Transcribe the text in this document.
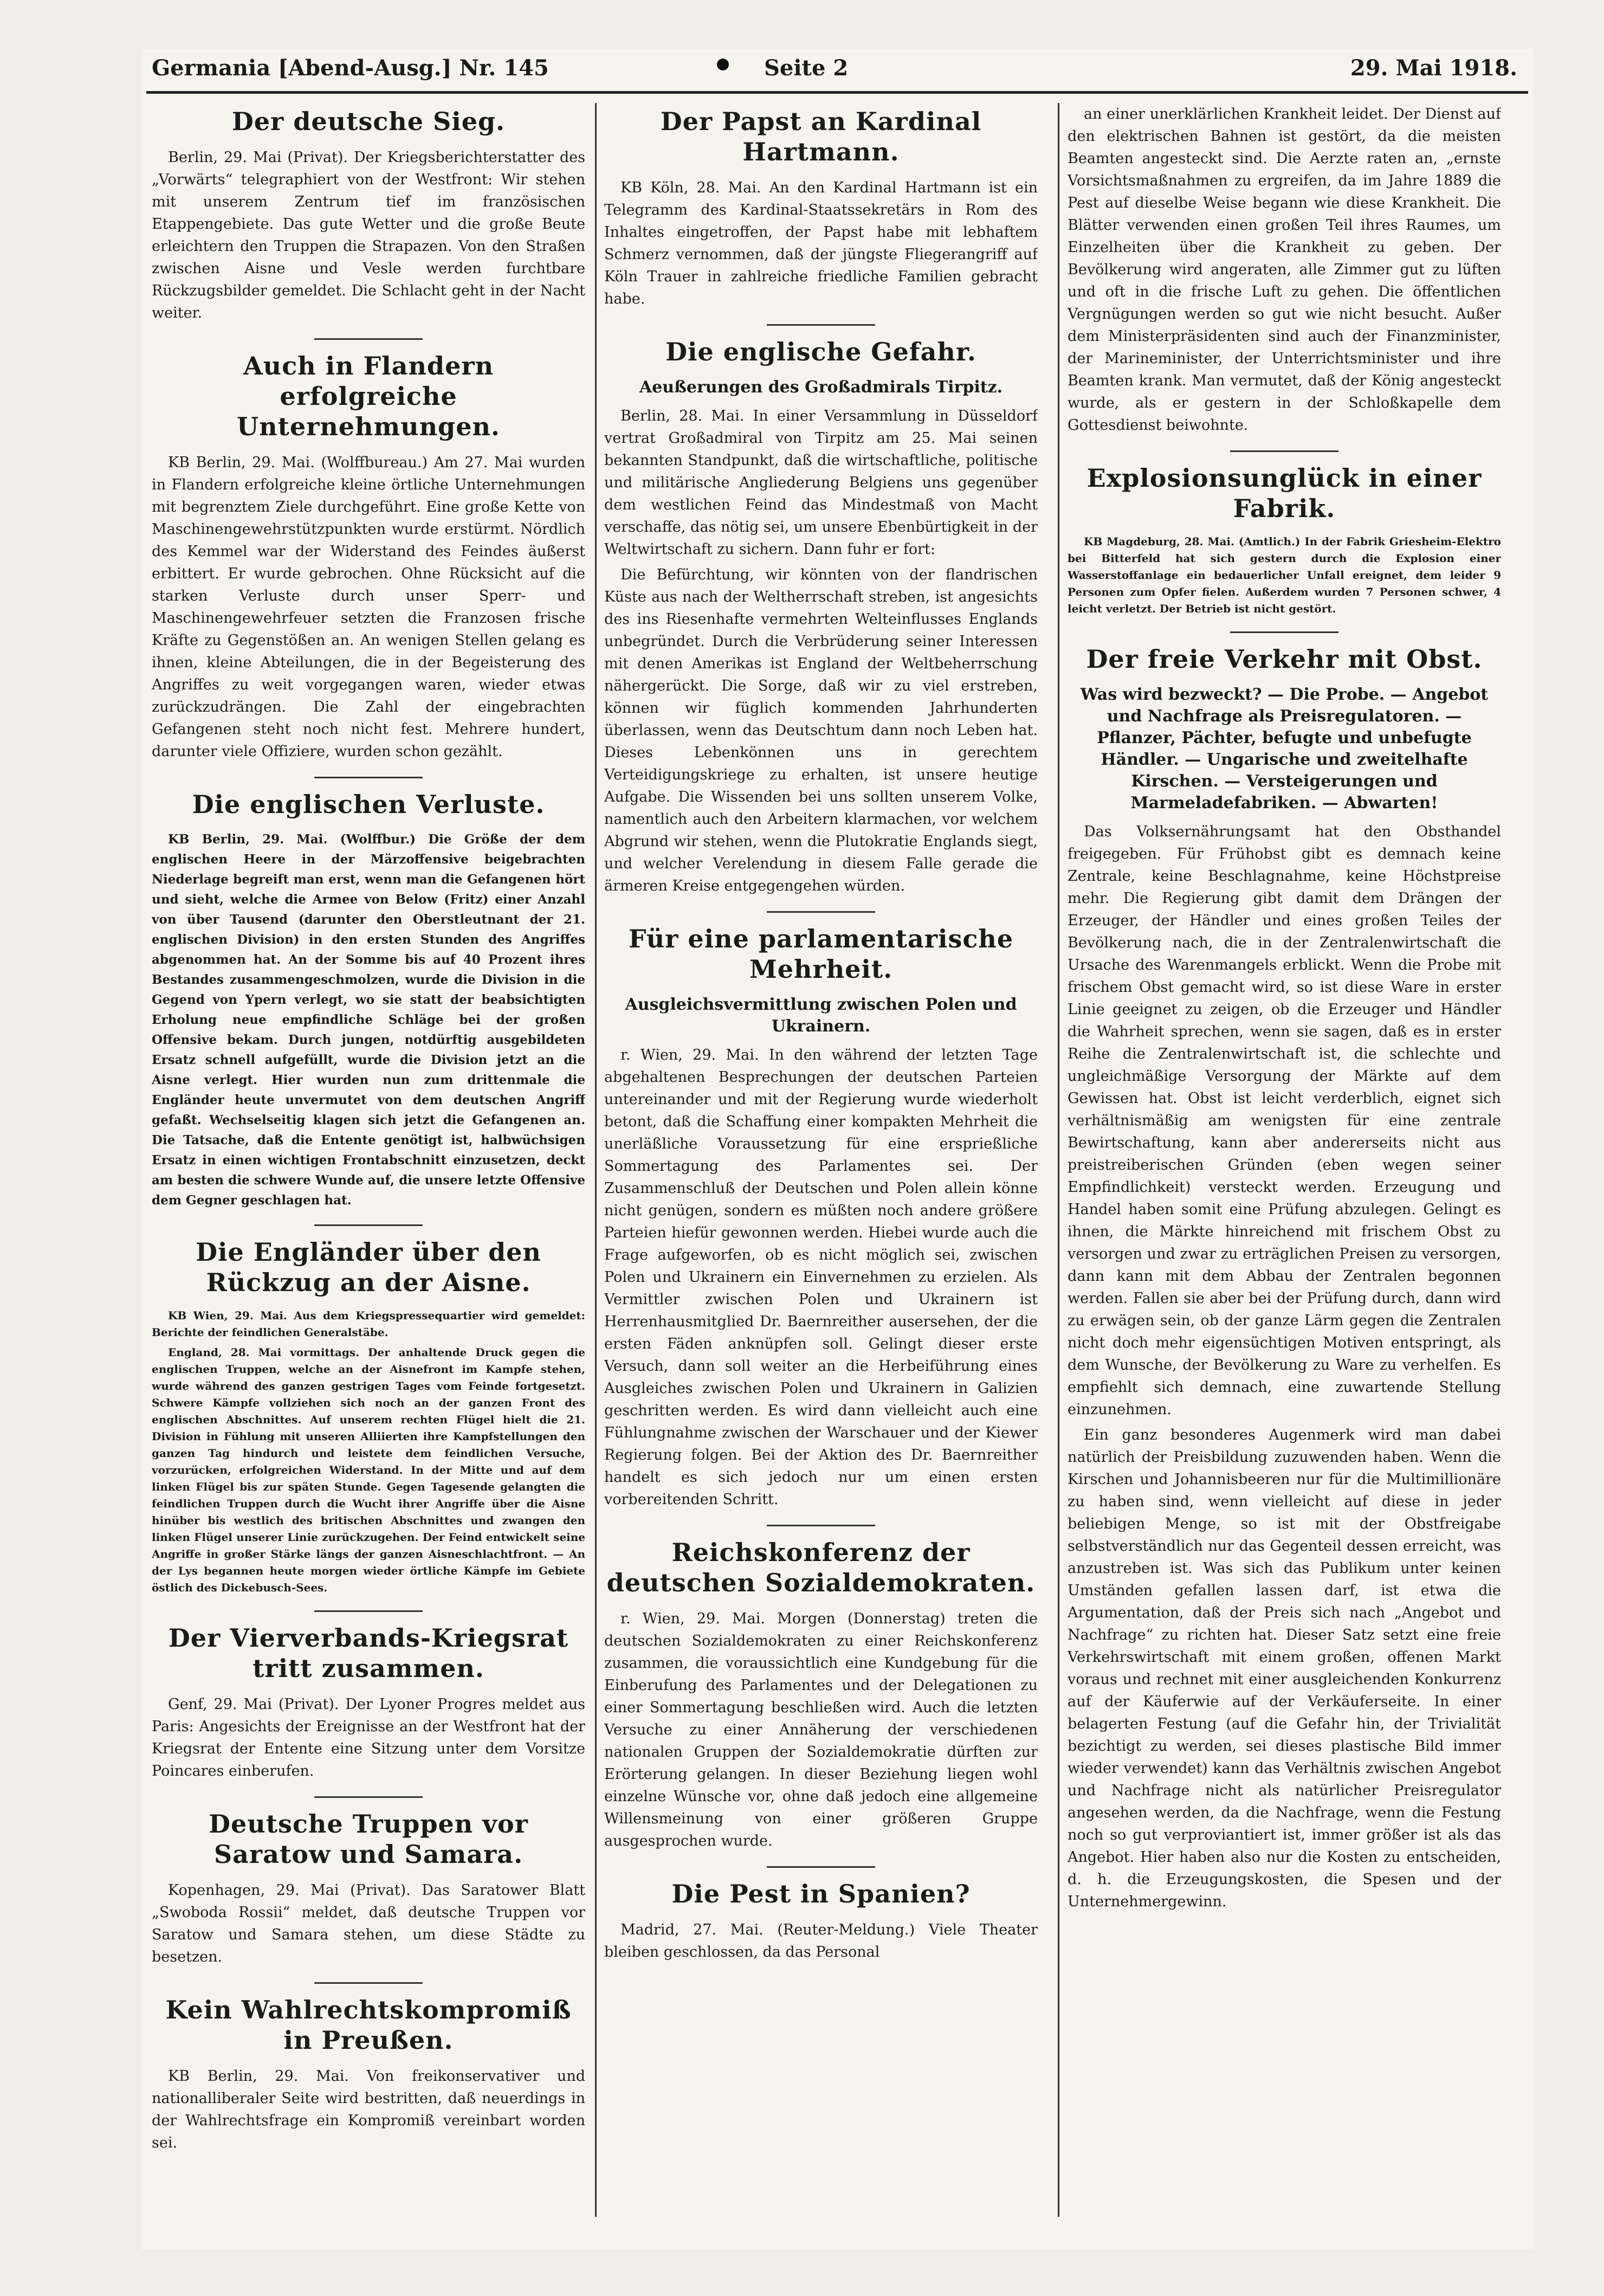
Germania [Abend-Ausg.] Nr. 145	Seite 2	29. Mai 1918.
Der deutsche Sieg.

Berlin, 29. Mai (Privat). Der Kriegsberichterstatter des „Vorwärts“ telegraphiert von der Westfront: Wir stehen mit unserem Zentrum tief im französischen Etappengebiete. Das gute Wetter und die große Beute erleichtern den Truppen die Strapazen. Von den Straßen zwischen Aisne und Vesle werden furchtbare Rückzugsbilder gemeldet. Die Schlacht geht in der Nacht weiter.

Auch in Flandern erfolgreiche Unternehmungen.

KB Berlin, 29. Mai. (Wolffbureau.) Am 27. Mai wurden in Flandern erfolgreiche kleine örtliche Unternehmungen mit begrenztem Ziele durchgeführt. Eine große Kette von Maschinengewehrstützpunkten wurde erstürmt. Nördlich des Kemmel war der Widerstand des Feindes äußerst erbittert. Er wurde gebrochen. Ohne Rücksicht auf die starken Verluste durch unser Sperr- und Maschinengewehrfeuer setzten die Franzosen frische Kräfte zu Gegenstößen an. An wenigen Stellen gelang es ihnen, kleine Abteilungen, die in der Begeisterung des Angriffes zu weit vorgegangen waren, wieder etwas zurückzudrängen. Die Zahl der eingebrachten Gefangenen steht noch nicht fest. Mehrere hundert, darunter viele Offiziere, wurden schon gezählt.

Die englischen Verluste.

KB Berlin, 29. Mai. (Wolffbur.) Die Größe der dem englischen Heere in der Märzoffensive beigebrachten Niederlage begreift man erst, wenn man die Gefangenen hört und sieht, welche die Armee von Below (Fritz) einer Anzahl von über Tausend (darunter den Oberstleutnant der 21. englischen Division) in den ersten Stunden des Angriffes abgenommen hat. An der Somme bis auf 40 Prozent ihres Bestandes zusammengeschmolzen, wurde die Division in die Gegend von Ypern verlegt, wo sie statt der beabsichtigten Erholung neue empfindliche Schläge bei der großen Offensive bekam. Durch jungen, notdürftig ausgebildeten Ersatz schnell aufgefüllt, wurde die Division jetzt an die Aisne verlegt. Hier wurden nun zum drittenmale die Engländer heute unvermutet von dem deutschen Angriff gefaßt. Wechselseitig klagen sich jetzt die Gefangenen an. Die Tatsache, daß die Entente genötigt ist, halbwüchsigen Ersatz in einen wichtigen Frontabschnitt einzusetzen, deckt am besten die schwere Wunde auf, die unsere letzte Offensive dem Gegner geschlagen hat.

Die Engländer über den Rückzug an der Aisne.

KB Wien, 29. Mai. Aus dem Kriegspressequartier wird gemeldet: Berichte der feindlichen Generalstäbe.

England, 28. Mai vormittags. Der anhaltende Druck gegen die englischen Truppen, welche an der Aisnefront im Kampfe stehen, wurde während des ganzen gestrigen Tages vom Feinde fortgesetzt. Schwere Kämpfe vollziehen sich noch an der ganzen Front des englischen Abschnittes. Auf unserem rechten Flügel hielt die 21. Division in Fühlung mit unseren Alliierten ihre Kampfstellungen den ganzen Tag hindurch und leistete dem feindlichen Versuche, vorzurücken, erfolgreichen Widerstand. In der Mitte und auf dem linken Flügel bis zur späten Stunde. Gegen Tagesende gelangten die feindlichen Truppen durch die Wucht ihrer Angriffe über die Aisne hinüber bis westlich des britischen Abschnittes und zwangen den linken Flügel unserer Linie zurückzugehen. Der Feind entwickelt seine Angriffe in großer Stärke längs der ganzen Aisneschlachtfront. — An der Lys begannen heute morgen wieder örtliche Kämpfe im Gebiete östlich des Dickebusch-Sees.

Der Vierverbands-Kriegsrat tritt zusammen.

Genf, 29. Mai (Privat). Der Lyoner Progres meldet aus Paris: Angesichts der Ereignisse an der Westfront hat der Kriegsrat der Entente eine Sitzung unter dem Vorsitze Poincares einberufen.

Deutsche Truppen vor Saratow und Samara.

Kopenhagen, 29. Mai (Privat). Das Saratower Blatt „Swoboda Rossii“ meldet, daß deutsche Truppen vor Saratow und Samara stehen, um diese Städte zu besetzen.

Kein Wahlrechtskompromiß in Preußen.

KB Berlin, 29. Mai. Von freikonservativer und nationalliberaler Seite wird bestritten, daß neuerdings in der Wahlrechtsfrage ein Kompromiß vereinbart worden sei.

Der Papst an Kardinal Hartmann.

KB Köln, 28. Mai. An den Kardinal Hartmann ist ein Telegramm des Kardinal-Staatssekretärs in Rom des Inhaltes eingetroffen, der Papst habe mit lebhaftem Schmerz vernommen, daß der jüngste Fliegerangriff auf Köln Trauer in zahlreiche friedliche Familien gebracht habe.

Die englische Gefahr.
Aeußerungen des Großadmirals Tirpitz.

Berlin, 28. Mai. In einer Versammlung in Düsseldorf vertrat Großadmiral von Tirpitz am 25. Mai seinen bekannten Standpunkt, daß die wirtschaftliche, politische und militärische Angliederung Belgiens uns gegenüber dem westlichen Feind das Mindestmaß von Macht verschaffe, das nötig sei, um unsere Ebenbürtigkeit in der Weltwirtschaft zu sichern. Dann fuhr er fort:

Die Befürchtung, wir könnten von der flandrischen Küste aus nach der Weltherrschaft streben, ist angesichts des ins Riesenhafte vermehrten Welteinflusses Englands unbegründet. Durch die Verbrüderung seiner Interessen mit denen Amerikas ist England der Weltbeherrschung nähergerückt. Die Sorge, daß wir zu viel erstreben, können wir füglich kommenden Jahrhunderten überlassen, wenn das Deutschtum dann noch Leben hat. Dieses Lebenkönnen uns in gerechtem Verteidigungskriege zu erhalten, ist unsere heutige Aufgabe. Die Wissenden bei uns sollten unserem Volke, namentlich auch den Arbeitern klarmachen, vor welchem Abgrund wir stehen, wenn die Plutokratie Englands siegt, und welcher Verelendung in diesem Falle gerade die ärmeren Kreise entgegengehen würden.

Für eine parlamentarische Mehrheit.
Ausgleichsvermittlung zwischen Polen und Ukrainern.

r. Wien, 29. Mai. In den während der letzten Tage abgehaltenen Besprechungen der deutschen Parteien untereinander und mit der Regierung wurde wiederholt betont, daß die Schaffung einer kompakten Mehrheit die unerläßliche Voraussetzung für eine ersprießliche Sommertagung des Parlamentes sei. Der Zusammenschluß der Deutschen und Polen allein könne nicht genügen, sondern es müßten noch andere größere Parteien hiefür gewonnen werden. Hiebei wurde auch die Frage aufgeworfen, ob es nicht möglich sei, zwischen Polen und Ukrainern ein Einvernehmen zu erzielen. Als Vermittler zwischen Polen und Ukrainern ist Herrenhausmitglied Dr. Baernreither ausersehen, der die ersten Fäden anknüpfen soll. Gelingt dieser erste Versuch, dann soll weiter an die Herbeiführung eines Ausgleiches zwischen Polen und Ukrainern in Galizien geschritten werden. Es wird dann vielleicht auch eine Fühlungnahme zwischen der Warschauer und der Kiewer Regierung folgen. Bei der Aktion des Dr. Baernreither handelt es sich jedoch nur um einen ersten vorbereitenden Schritt.

Reichskonferenz der deutschen Sozialdemokraten.

r. Wien, 29. Mai. Morgen (Donnerstag) treten die deutschen Sozialdemokraten zu einer Reichskonferenz zusammen, die voraussichtlich eine Kundgebung für die Einberufung des Parlamentes und der Delegationen zu einer Sommertagung beschließen wird. Auch die letzten Versuche zu einer Annäherung der verschiedenen nationalen Gruppen der Sozialdemokratie dürften zur Erörterung gelangen. In dieser Beziehung liegen wohl einzelne Wünsche vor, ohne daß jedoch eine allgemeine Willensmeinung von einer größeren Gruppe ausgesprochen wurde.

Die Pest in Spanien?

Madrid, 27. Mai. (Reuter-Meldung.) Viele Theater bleiben geschlossen, da das Personal

an einer unerklärlichen Krankheit leidet. Der Dienst auf den elektrischen Bahnen ist gestört, da die meisten Beamten angesteckt sind. Die Aerzte raten an, „ernste Vorsichtsmaßnahmen zu ergreifen, da im Jahre 1889 die Pest auf dieselbe Weise begann wie diese Krankheit. Die Blätter verwenden einen großen Teil ihres Raumes, um Einzelheiten über die Krankheit zu geben. Der Bevölkerung wird angeraten, alle Zimmer gut zu lüften und oft in die frische Luft zu gehen. Die öffentlichen Vergnügungen werden so gut wie nicht besucht. Außer dem Ministerpräsidenten sind auch der Finanzminister, der Marineminister, der Unterrichtsminister und ihre Beamten krank. Man vermutet, daß der König angesteckt wurde, als er gestern in der Schloßkapelle dem Gottesdienst beiwohnte.

Explosionsunglück in einer Fabrik.

KB Magdeburg, 28. Mai. (Amtlich.) In der Fabrik Griesheim-Elektro bei Bitterfeld hat sich gestern durch die Explosion einer Wasserstoffanlage ein bedauerlicher Unfall ereignet, dem leider 9 Personen zum Opfer fielen. Außerdem wurden 7 Personen schwer, 4 leicht verletzt. Der Betrieb ist nicht gestört.

Der freie Verkehr mit Obst.
Was wird bezweckt? — Die Probe. — Angebot und Nachfrage als Preisregulatoren. — Pflanzer, Pächter, befugte und unbefugte Händler. — Ungarische und zweitelhafte Kirschen. — Versteigerungen und Marmeladefabriken. — Abwarten!

Das Volksernährungsamt hat den Obsthandel freigegeben. Für Frühobst gibt es demnach keine Zentrale, keine Beschlagnahme, keine Höchstpreise mehr. Die Regierung gibt damit dem Drängen der Erzeuger, der Händler und eines großen Teiles der Bevölkerung nach, die in der Zentralenwirtschaft die Ursache des Warenmangels erblickt. Wenn die Probe mit frischem Obst gemacht wird, so ist diese Ware in erster Linie geeignet zu zeigen, ob die Erzeuger und Händler die Wahrheit sprechen, wenn sie sagen, daß es in erster Reihe die Zentralenwirtschaft ist, die schlechte und ungleichmäßige Versorgung der Märkte auf dem Gewissen hat. Obst ist leicht verderblich, eignet sich verhältnismäßig am wenigsten für eine zentrale Bewirtschaftung, kann aber andererseits nicht aus preistreiberischen Gründen (eben wegen seiner Empfindlichkeit) versteckt werden. Erzeugung und Handel haben somit eine Prüfung abzulegen. Gelingt es ihnen, die Märkte hinreichend mit frischem Obst zu versorgen und zwar zu erträglichen Preisen zu versorgen, dann kann mit dem Abbau der Zentralen begonnen werden. Fallen sie aber bei der Prüfung durch, dann wird zu erwägen sein, ob der ganze Lärm gegen die Zentralen nicht doch mehr eigensüchtigen Motiven entspringt, als dem Wunsche, der Bevölkerung zu Ware zu verhelfen. Es empfiehlt sich demnach, eine zuwartende Stellung einzunehmen.

Ein ganz besonderes Augenmerk wird man dabei natürlich der Preisbildung zuzuwenden haben. Wenn die Kirschen und Johannisbeeren nur für die Multimillionäre zu haben sind, wenn vielleicht auf diese in jeder beliebigen Menge, so ist mit der Obstfreigabe selbstverständlich nur das Gegenteil dessen erreicht, was anzustreben ist. Was sich das Publikum unter keinen Umständen gefallen lassen darf, ist etwa die Argumentation, daß der Preis sich nach „Angebot und Nachfrage“ zu richten hat. Dieser Satz setzt eine freie Verkehrswirtschaft mit einem großen, offenen Markt voraus und rechnet mit einer ausgleichenden Konkurrenz auf der Käuferwie auf der Verkäuferseite. In einer belagerten Festung (auf die Gefahr hin, der Trivialität bezichtigt zu werden, sei dieses plastische Bild immer wieder verwendet) kann das Verhältnis zwischen Angebot und Nachfrage nicht als natürlicher Preisregulator angesehen werden, da die Nachfrage, wenn die Festung noch so gut verproviantiert ist, immer größer ist als das Angebot. Hier haben also nur die Kosten zu entscheiden, d. h. die Erzeugungskosten, die Spesen und der Unternehmergewinn.
